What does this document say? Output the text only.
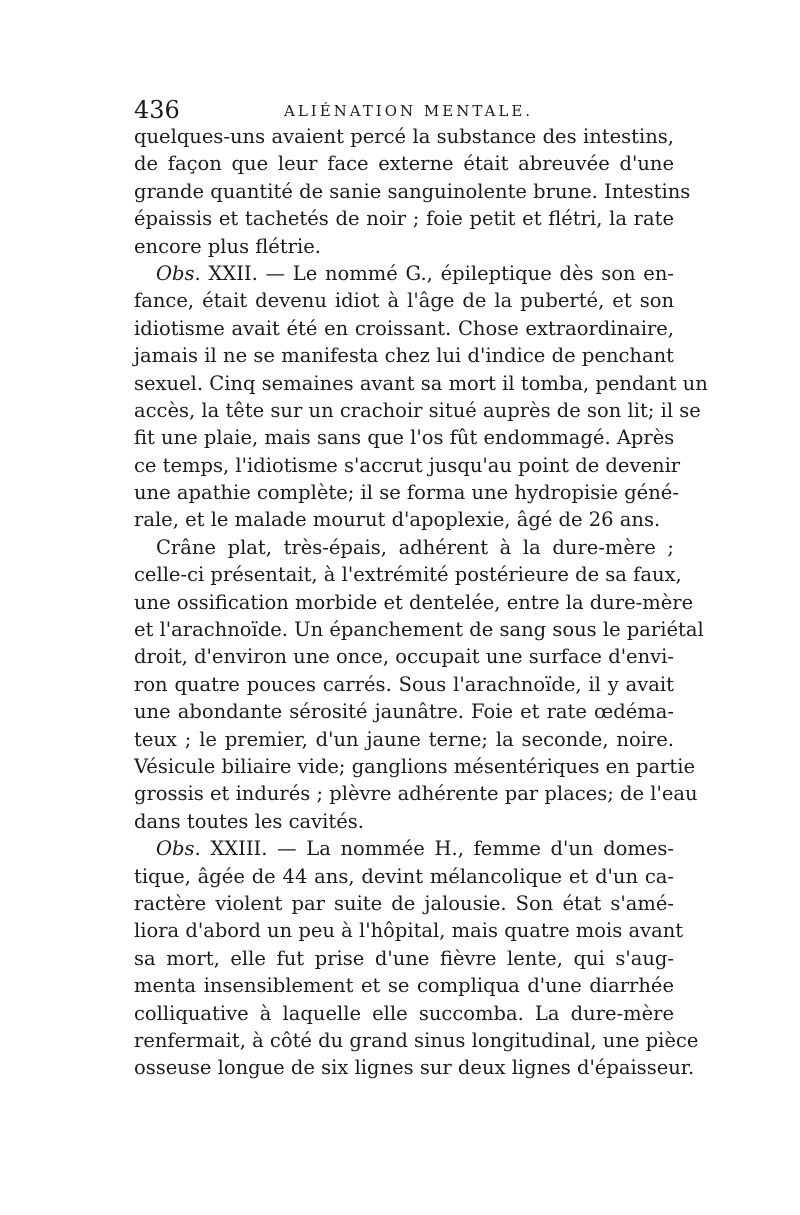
436	ALIÉNATION MENTALE.
quelques-uns avaient percé la substance des intestins,
de façon que leur face externe était abreuvée d'une
grande quantité de sanie sanguinolente brune. Intestins
épaissis et tachetés de noir ; foie petit et flétri, la rate
encore plus flétrie.
Obs. XXII. — Le nommé G., épileptique dès son en-
fance, était devenu idiot à l'âge de la puberté, et son
idiotisme avait été en croissant. Chose extraordinaire,
jamais il ne se manifesta chez lui d'indice de penchant
sexuel. Cinq semaines avant sa mort il tomba, pendant un
accès, la tête sur un crachoir situé auprès de son lit; il se
fit une plaie, mais sans que l'os fût endommagé. Après
ce temps, l'idiotisme s'accrut jusqu'au point de devenir
une apathie complète; il se forma une hydropisie géné-
rale, et le malade mourut d'apoplexie, âgé de 26 ans.
Crâne plat, très-épais, adhérent à la dure-mère ;
celle-ci présentait, à l'extrémité postérieure de sa faux,
une ossification morbide et dentelée, entre la dure-mère
et l'arachnoïde. Un épanchement de sang sous le pariétal
droit, d'environ une once, occupait une surface d'envi-
ron quatre pouces carrés. Sous l'arachnoïde, il y avait
une abondante sérosité jaunâtre. Foie et rate œdéma-
teux ; le premier, d'un jaune terne; la seconde, noire.
Vésicule biliaire vide; ganglions mésentériques en partie
grossis et indurés ; plèvre adhérente par places; de l'eau
dans toutes les cavités.
Obs. XXIII. — La nommée H., femme d'un domes-
tique, âgée de 44 ans, devint mélancolique et d'un ca-
ractère violent par suite de jalousie. Son état s'amé-
liora d'abord un peu à l'hôpital, mais quatre mois avant
sa mort, elle fut prise d'une fièvre lente, qui s'aug-
menta insensiblement et se compliqua d'une diarrhée
colliquative à laquelle elle succomba. La dure-mère
renfermait, à côté du grand sinus longitudinal, une pièce
osseuse longue de six lignes sur deux lignes d'épaisseur.
